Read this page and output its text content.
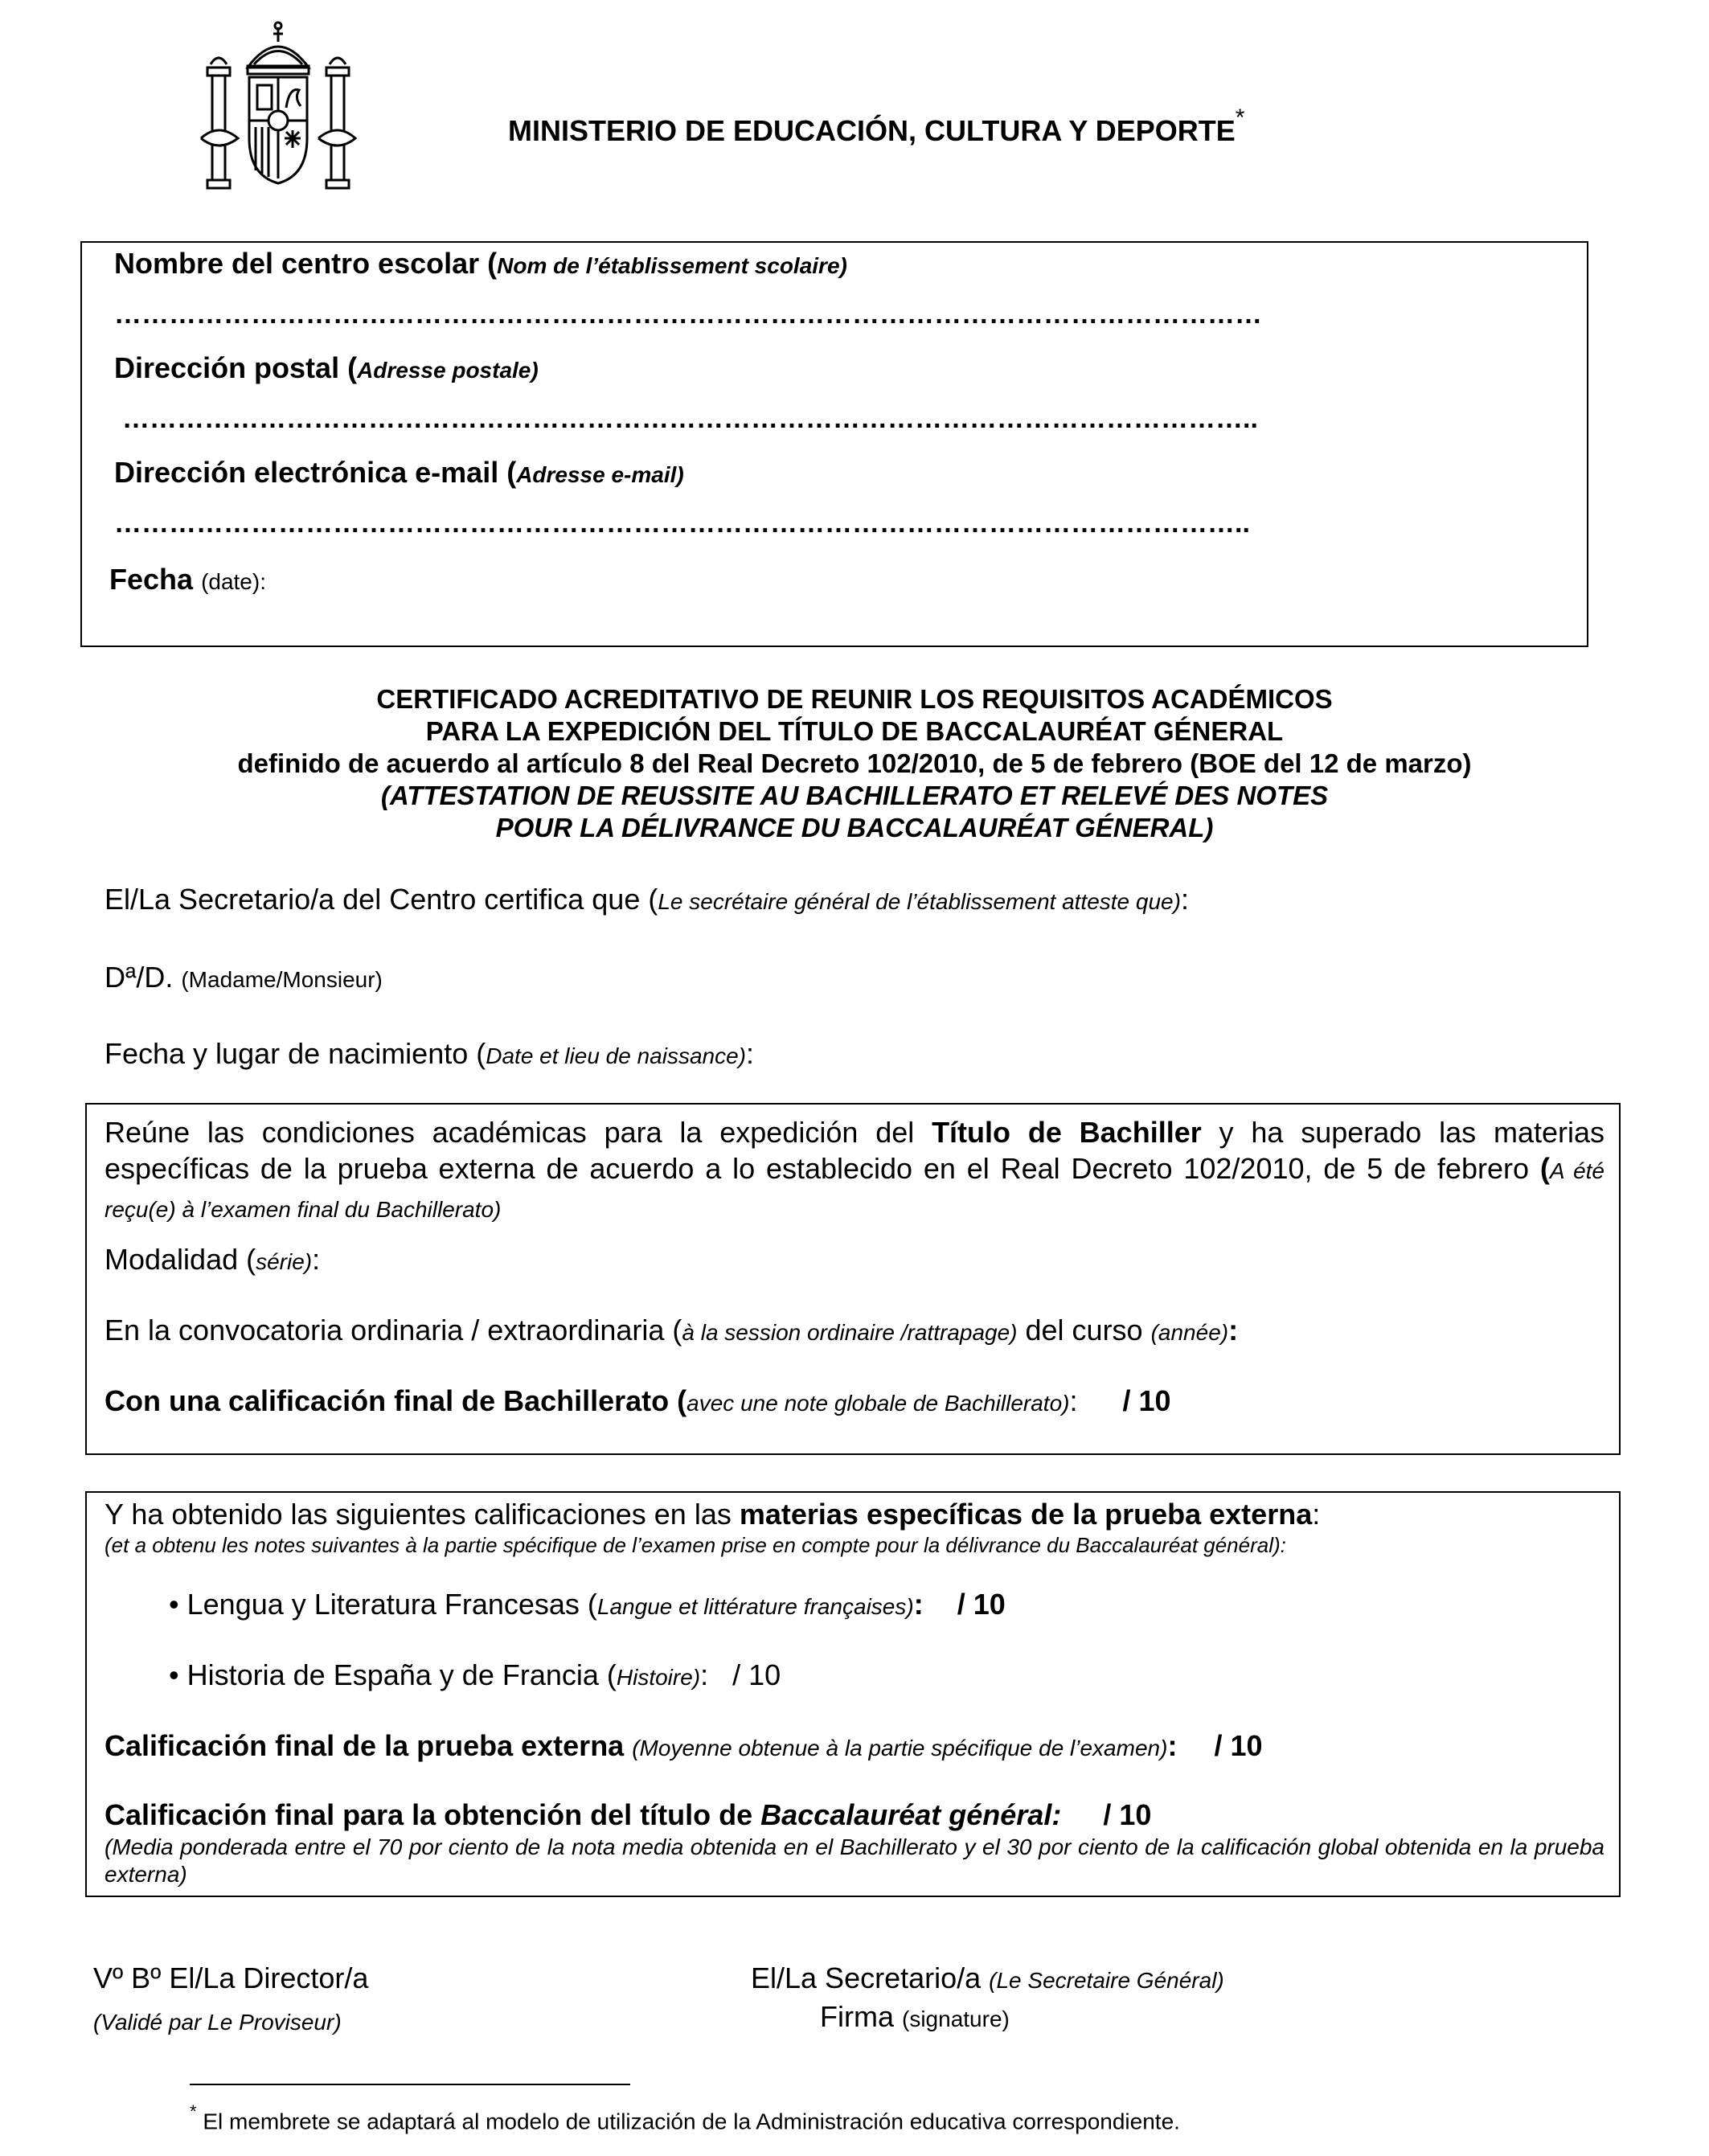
MINISTERIO DE EDUCACIÓN, CULTURA Y DEPORTE*
Nombre del centro escolar (Nom de l’établissement scolaire)
………………………………………………………………………………………………………………
Dirección postal (Adresse postale)
……………………………………………………………………………………………………………..
Dirección electrónica e-mail (Adresse e-mail)
……………………………………………………………………………………………………………..
Fecha (date):
CERTIFICADO ACREDITATIVO DE REUNIR LOS REQUISITOS ACADÉMICOS
PARA LA EXPEDICIÓN DEL TÍTULO DE BACCALAURÉAT GÉNERAL
definido de acuerdo al artículo 8 del Real Decreto 102/2010, de 5 de febrero (BOE del 12 de marzo)
(ATTESTATION DE REUSSITE AU BACHILLERATO ET RELEVÉ DES NOTES
POUR LA DÉLIVRANCE DU BACCALAURÉAT GÉNERAL)
El/La Secretario/a del Centro certifica que (Le secrétaire général de l’établissement atteste que):
Dª/D. (Madame/Monsieur)
Fecha y lugar de nacimiento (Date et lieu de naissance):
Reúne las condiciones académicas para la expedición del Título de Bachiller y ha superado las materias específicas de la prueba externa de acuerdo a lo establecido en el Real Decreto 102/2010, de 5 de febrero (A été reçu(e) à l’examen final du Bachillerato)
Modalidad (série):
En la convocatoria ordinaria / extraordinaria (à la session ordinaire /rattrapage) del curso (année):
Con una calificación final de Bachillerato (avec une note globale de Bachillerato): / 10
Y ha obtenido las siguientes calificaciones en las materias específicas de la prueba externa:
(et a obtenu les notes suivantes à la partie spécifique de l’examen prise en compte pour la délivrance du Baccalauréat général):
• Lengua y Literatura Francesas (Langue et littérature françaises): / 10
• Historia de España y de Francia (Histoire): / 10
Calificación final de la prueba externa (Moyenne obtenue à la partie spécifique de l’examen): / 10
Calificación final para la obtención del título de Baccalauréat général: / 10
(Media ponderada entre el 70 por ciento de la nota media obtenida en el Bachillerato y el 30 por ciento de la calificación global obtenida en la prueba externa)
Vº Bº El/La Director/a
(Validé par Le Proviseur)
El/La Secretario/a (Le Secretaire Général)
Firma (signature)
* El membrete se adaptará al modelo de utilización de la Administración educativa correspondiente.
